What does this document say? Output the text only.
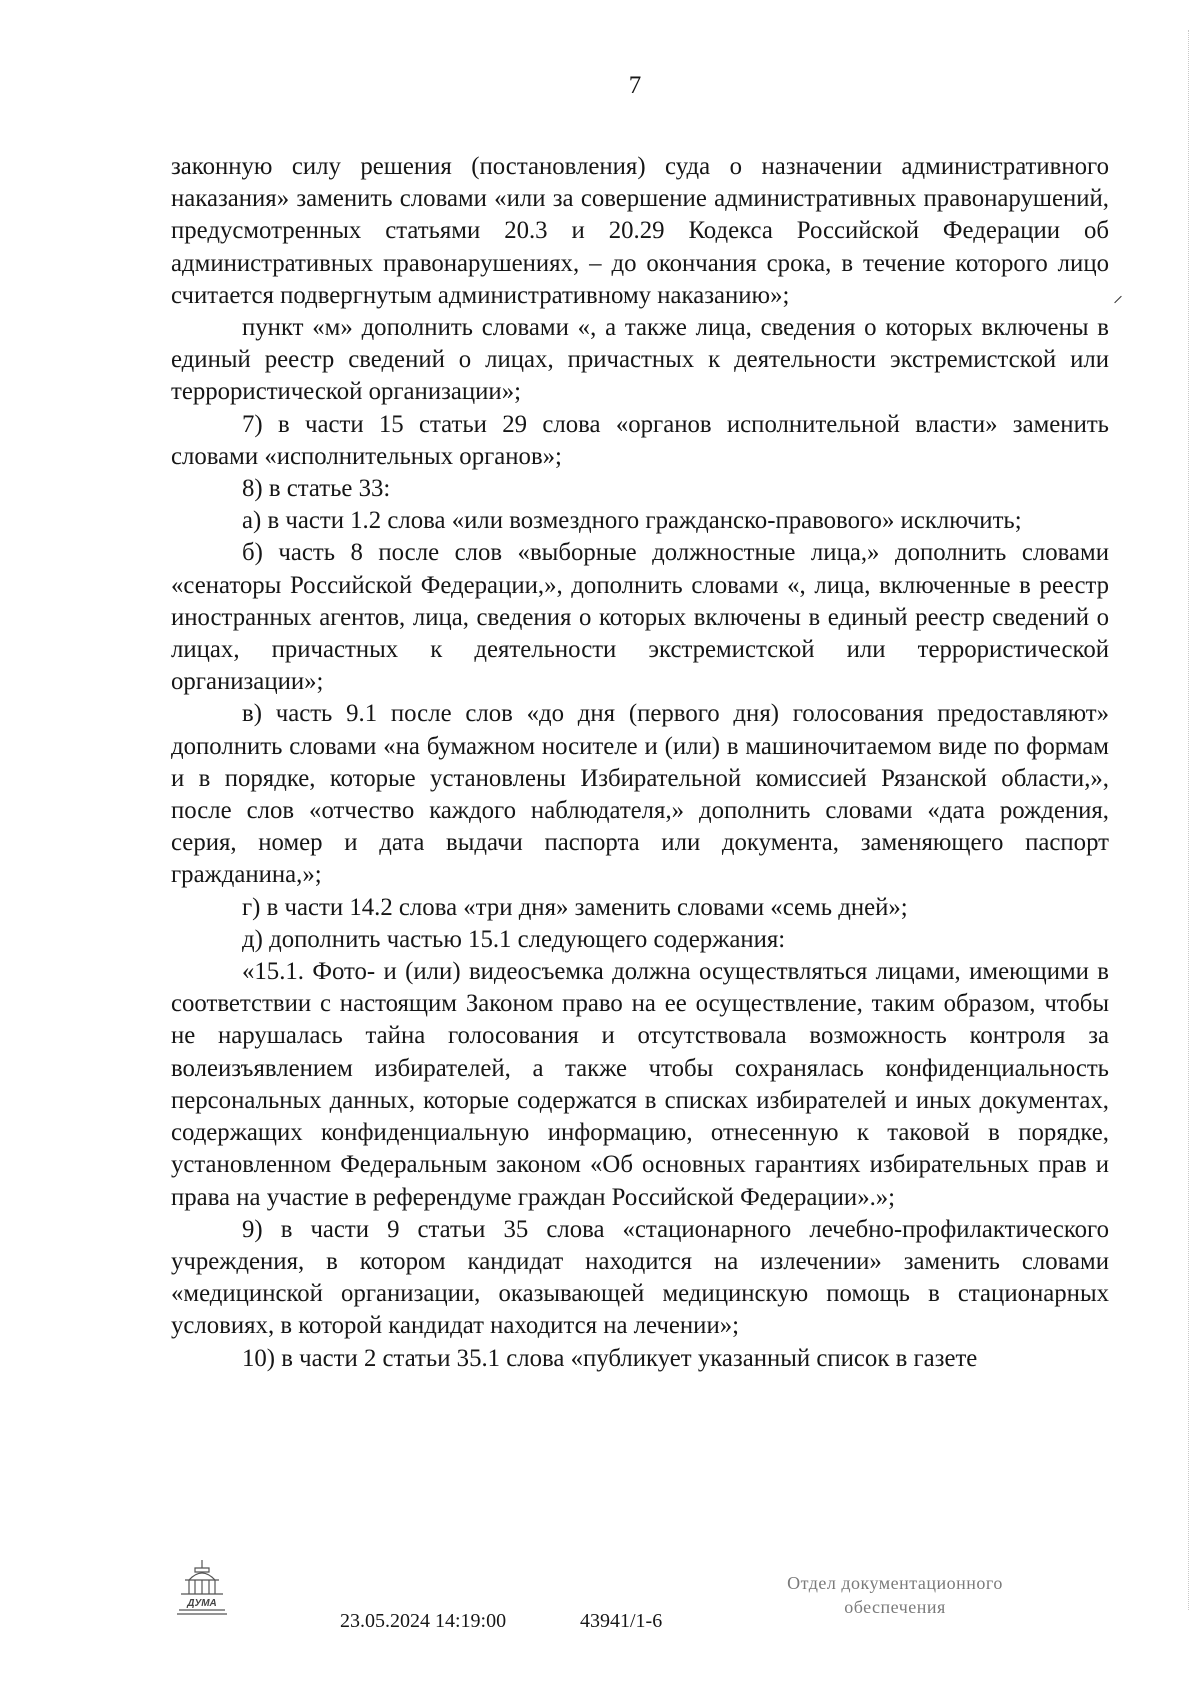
7

законную силу решения (постановления) суда о назначении административного наказания» заменить словами «или за совершение административных правонарушений, предусмотренных статьями 20.3 и 20.29 Кодекса Российской Федерации об административных правонарушениях, – до окончания срока, в течение которого лицо считается подвергнутым административному наказанию»;

пункт «м» дополнить словами «, а также лица, сведения о которых включены в единый реестр сведений о лицах, причастных к деятельности экстремистской или террористической организации»;

7) в части 15 статьи 29 слова «органов исполнительной власти» заменить словами «исполнительных органов»;

8) в статье 33:

а) в части 1.2 слова «или возмездного гражданско-правового» исключить;

б) часть 8 после слов «выборные должностные лица,» дополнить словами «сенаторы Российской Федерации,», дополнить словами «, лица, включенные в реестр иностранных агентов, лица, сведения о которых включены в единый реестр сведений о лицах, причастных к деятельности экстремистской или террористической организации»;

в) часть 9.1 после слов «до дня (первого дня) голосования предоставляют» дополнить словами «на бумажном носителе и (или) в машиночитаемом виде по формам и в порядке, которые установлены Избирательной комиссией Рязанской области,», после слов «отчество каждого наблюдателя,» дополнить словами «дата рождения, серия, номер и дата выдачи паспорта или документа, заменяющего паспорт гражданина,»;

г) в части 14.2 слова «три дня» заменить словами «семь дней»;

д) дополнить частью 15.1 следующего содержания:

«15.1. Фото- и (или) видеосъемка должна осуществляться лицами, имеющими в соответствии с настоящим Законом право на ее осуществление, таким образом, чтобы не нарушалась тайна голосования и отсутствовала возможность контроля за волеизъявлением избирателей, а также чтобы сохранялась конфиденциальность персональных данных, которые содержатся в списках избирателей и иных документах, содержащих конфиденциальную информацию, отнесенную к таковой в порядке, установленном Федеральным законом «Об основных гарантиях избирательных прав и права на участие в референдуме граждан Российской Федерации».»;

9) в части 9 статьи 35 слова «стационарного лечебно-профилактического учреждения, в котором кандидат находится на излечении» заменить словами «медицинской организации, оказывающей медицинскую помощь в стационарных условиях, в которой кандидат находится на лечении»;

10) в части 2 статьи 35.1 слова «публикует указанный список в газете

⸍
ДУМА
23.05.2024 14:19:00	43941/1-6
Отдел документационного
обеспечения
